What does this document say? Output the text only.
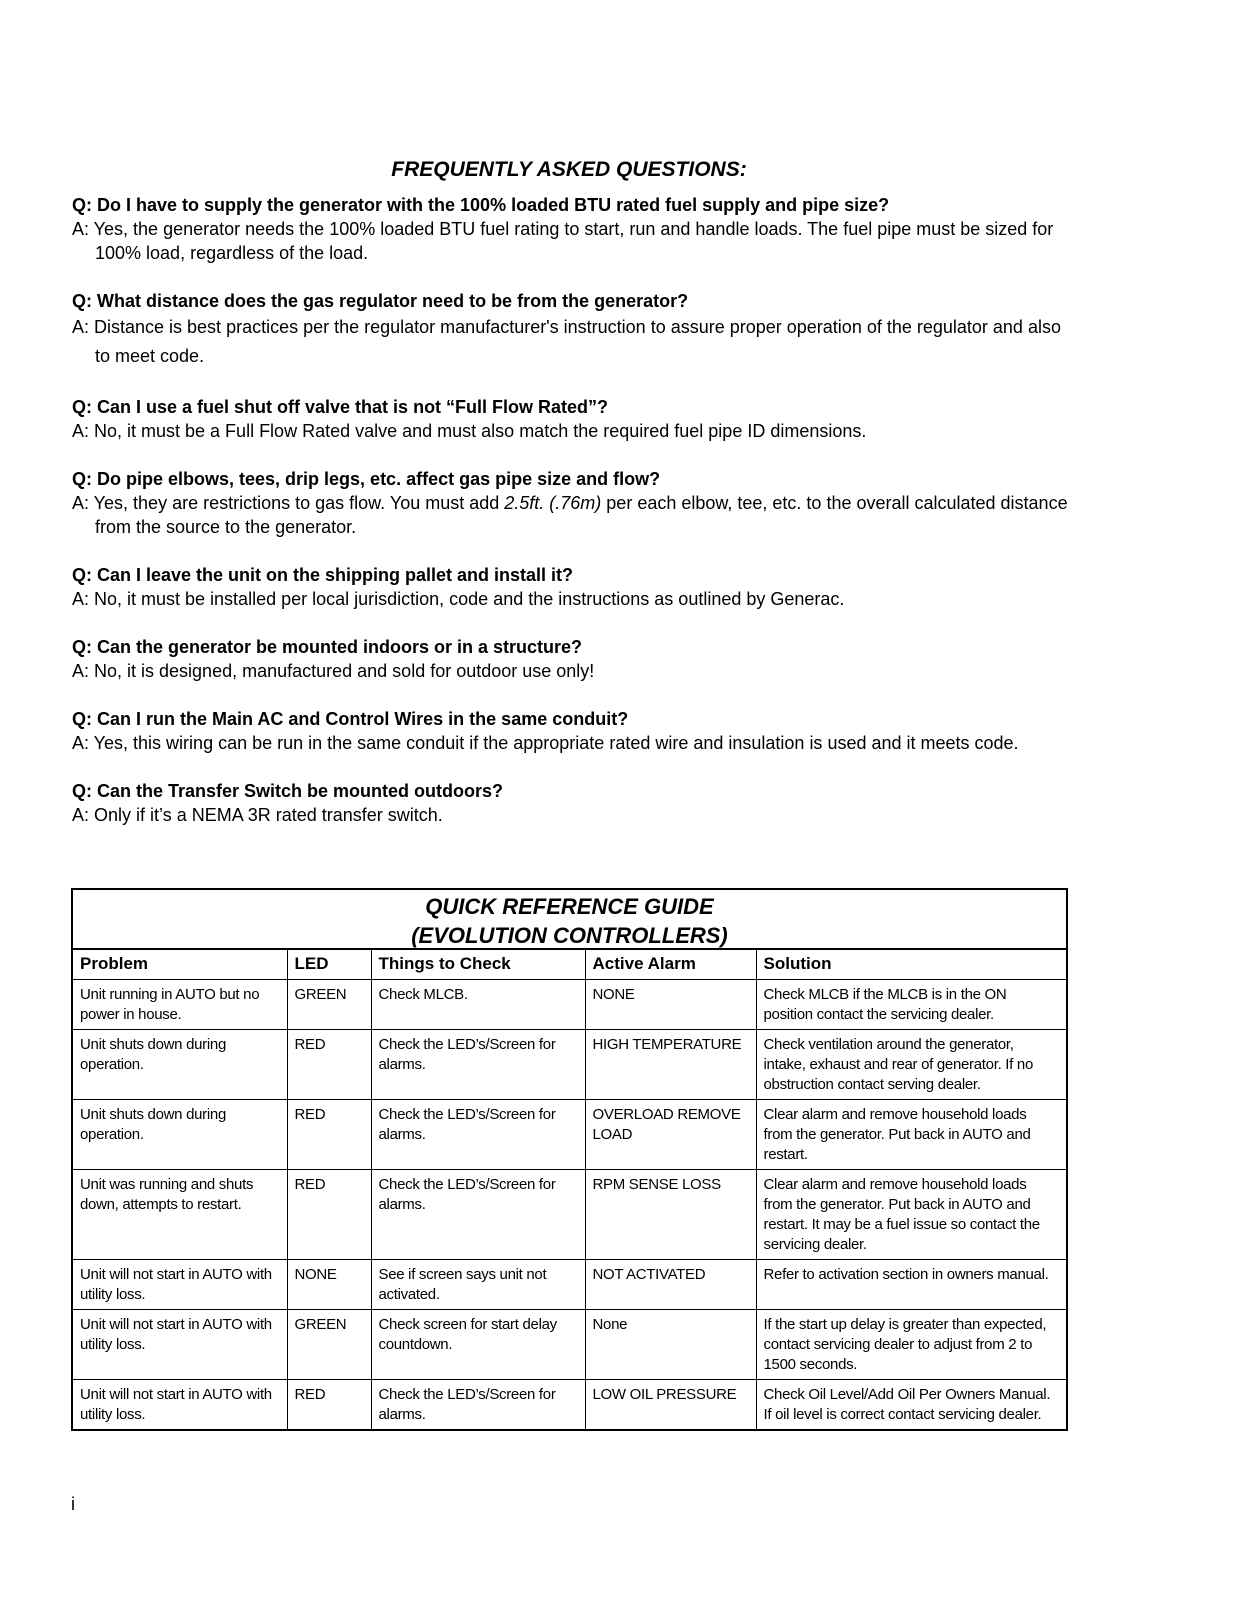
FREQUENTLY ASKED QUESTIONS:

Q: Do I have to supply the generator with the 100% loaded BTU rated fuel supply and pipe size?

A: Yes, the generator needs the 100% loaded BTU fuel rating to start, run and handle loads. The fuel pipe must be sized for 100% load, regardless of the load.

Q: What distance does the gas regulator need to be from the generator?

A: Distance is best practices per the regulator manufacturer's instruction to assure proper operation of the regulator and also to meet code.

Q: Can I use a fuel shut off valve that is not “Full Flow Rated”?

A: No, it must be a Full Flow Rated valve and must also match the required fuel pipe ID dimensions.

Q: Do pipe elbows, tees, drip legs, etc. affect gas pipe size and flow?

A: Yes, they are restrictions to gas flow. You must add 2.5ft. (.76m) per each elbow, tee, etc. to the overall calculated distance from the source to the generator.

Q: Can I leave the unit on the shipping pallet and install it?

A: No, it must be installed per local jurisdiction, code and the instructions as outlined by Generac.

Q: Can the generator be mounted indoors or in a structure?

A: No, it is designed, manufactured and sold for outdoor use only!

Q: Can I run the Main AC and Control Wires in the same conduit?

A: Yes, this wiring can be run in the same conduit if the appropriate rated wire and insulation is used and it meets code.

Q: Can the Transfer Switch be mounted outdoors?

A: Only if it’s a NEMA 3R rated transfer switch.

QUICK REFERENCE GUIDE
(EVOLUTION CONTROLLERS)
Problem	LED	Things to Check	Active Alarm	Solution
Unit running in AUTO but no power in house.	GREEN	Check MLCB.	NONE	Check MLCB if the MLCB is in the ON position contact the servicing dealer.
Unit shuts down during operation.	RED	Check the LED’s/Screen for alarms.	HIGH TEMPERATURE	Check ventilation around the generator, intake, exhaust and rear of generator. If no obstruction contact serving dealer.
Unit shuts down during operation.	RED	Check the LED’s/Screen for alarms.	OVERLOAD REMOVE LOAD	Clear alarm and remove household loads from the generator. Put back in AUTO and restart.
Unit was running and shuts down, attempts to restart.	RED	Check the LED’s/Screen for alarms.	RPM SENSE LOSS	Clear alarm and remove household loads from the generator. Put back in AUTO and restart. It may be a fuel issue so contact the servicing dealer.
Unit will not start in AUTO with utility loss.	NONE	See if screen says unit not activated.	NOT ACTIVATED	Refer to activation section in owners manual.
Unit will not start in AUTO with utility loss.	GREEN	Check screen for start delay countdown.	None	If the start up delay is greater than expected, contact servicing dealer to adjust from 2 to 1500 seconds.
Unit will not start in AUTO with utility loss.	RED	Check the LED’s/Screen for alarms.	LOW OIL PRESSURE	Check Oil Level/Add Oil Per Owners Manual. If oil level is correct contact servicing dealer.
i
